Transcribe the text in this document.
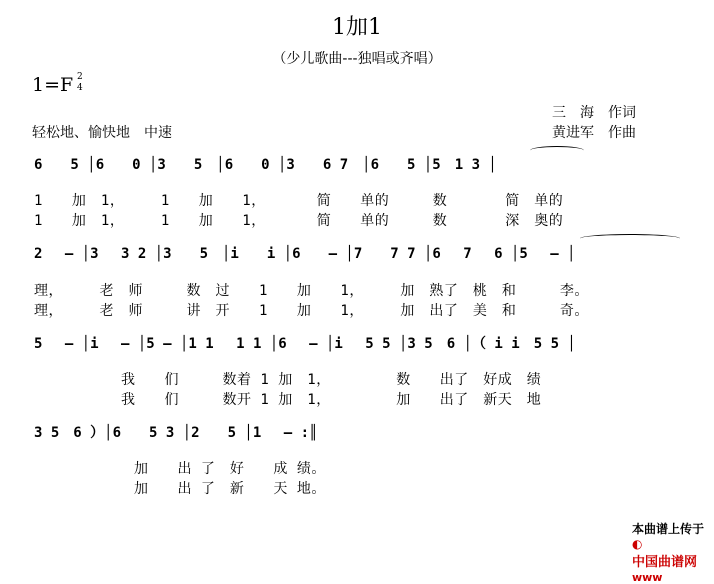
1加1
（少儿歌曲---独唱或齐唱）
1=F 2
4
轻松地、愉快地　中速
三　海　作词
黄进军　作曲
6　　5 │6　　0 │3　　5　│6　　0 │3　　6 7　│6　　5 │5　1 3 │
1　　加　1，　　　1　　加　　1，　　　　简　　单的　　　数　　　　简　单的
1　　加　1，　　　1　　加　　1，　　　　简　　单的　　　数　　　　深　奥的
2 　― │3　 3 2 │3　　5　│i　　i │6　　― │7　　7 7 │6　 7　 6 │5　 ― │
理，　　　老　师　　　数　过　　1　　加　　1，　　　加　熟了　桃　和　　　李。
理，　　　老　师　　　讲　开　　1　　加　　1，　　　加　出了　美　和　　　奇。
5　 ― │i　 ― │5 ― │1 1　 1 1 │6　 ― │i　 5 5 │3 5　6 │（ i i　5 5 │
　　　　　　我　　们　　　数着 1 加　1，　　　　　数　　出了　好成　绩
　　　　　　我　　们　　　数开 1 加　1，　　　　　加　　出了　新天　地
3 5　6 ）│6　　5 3 │2　　5 │1　 ― :║
加　　出 了　好　　成 绩。
加　　出 了　新　　天 地。

本曲谱上传于
◐
中国曲谱网
www
